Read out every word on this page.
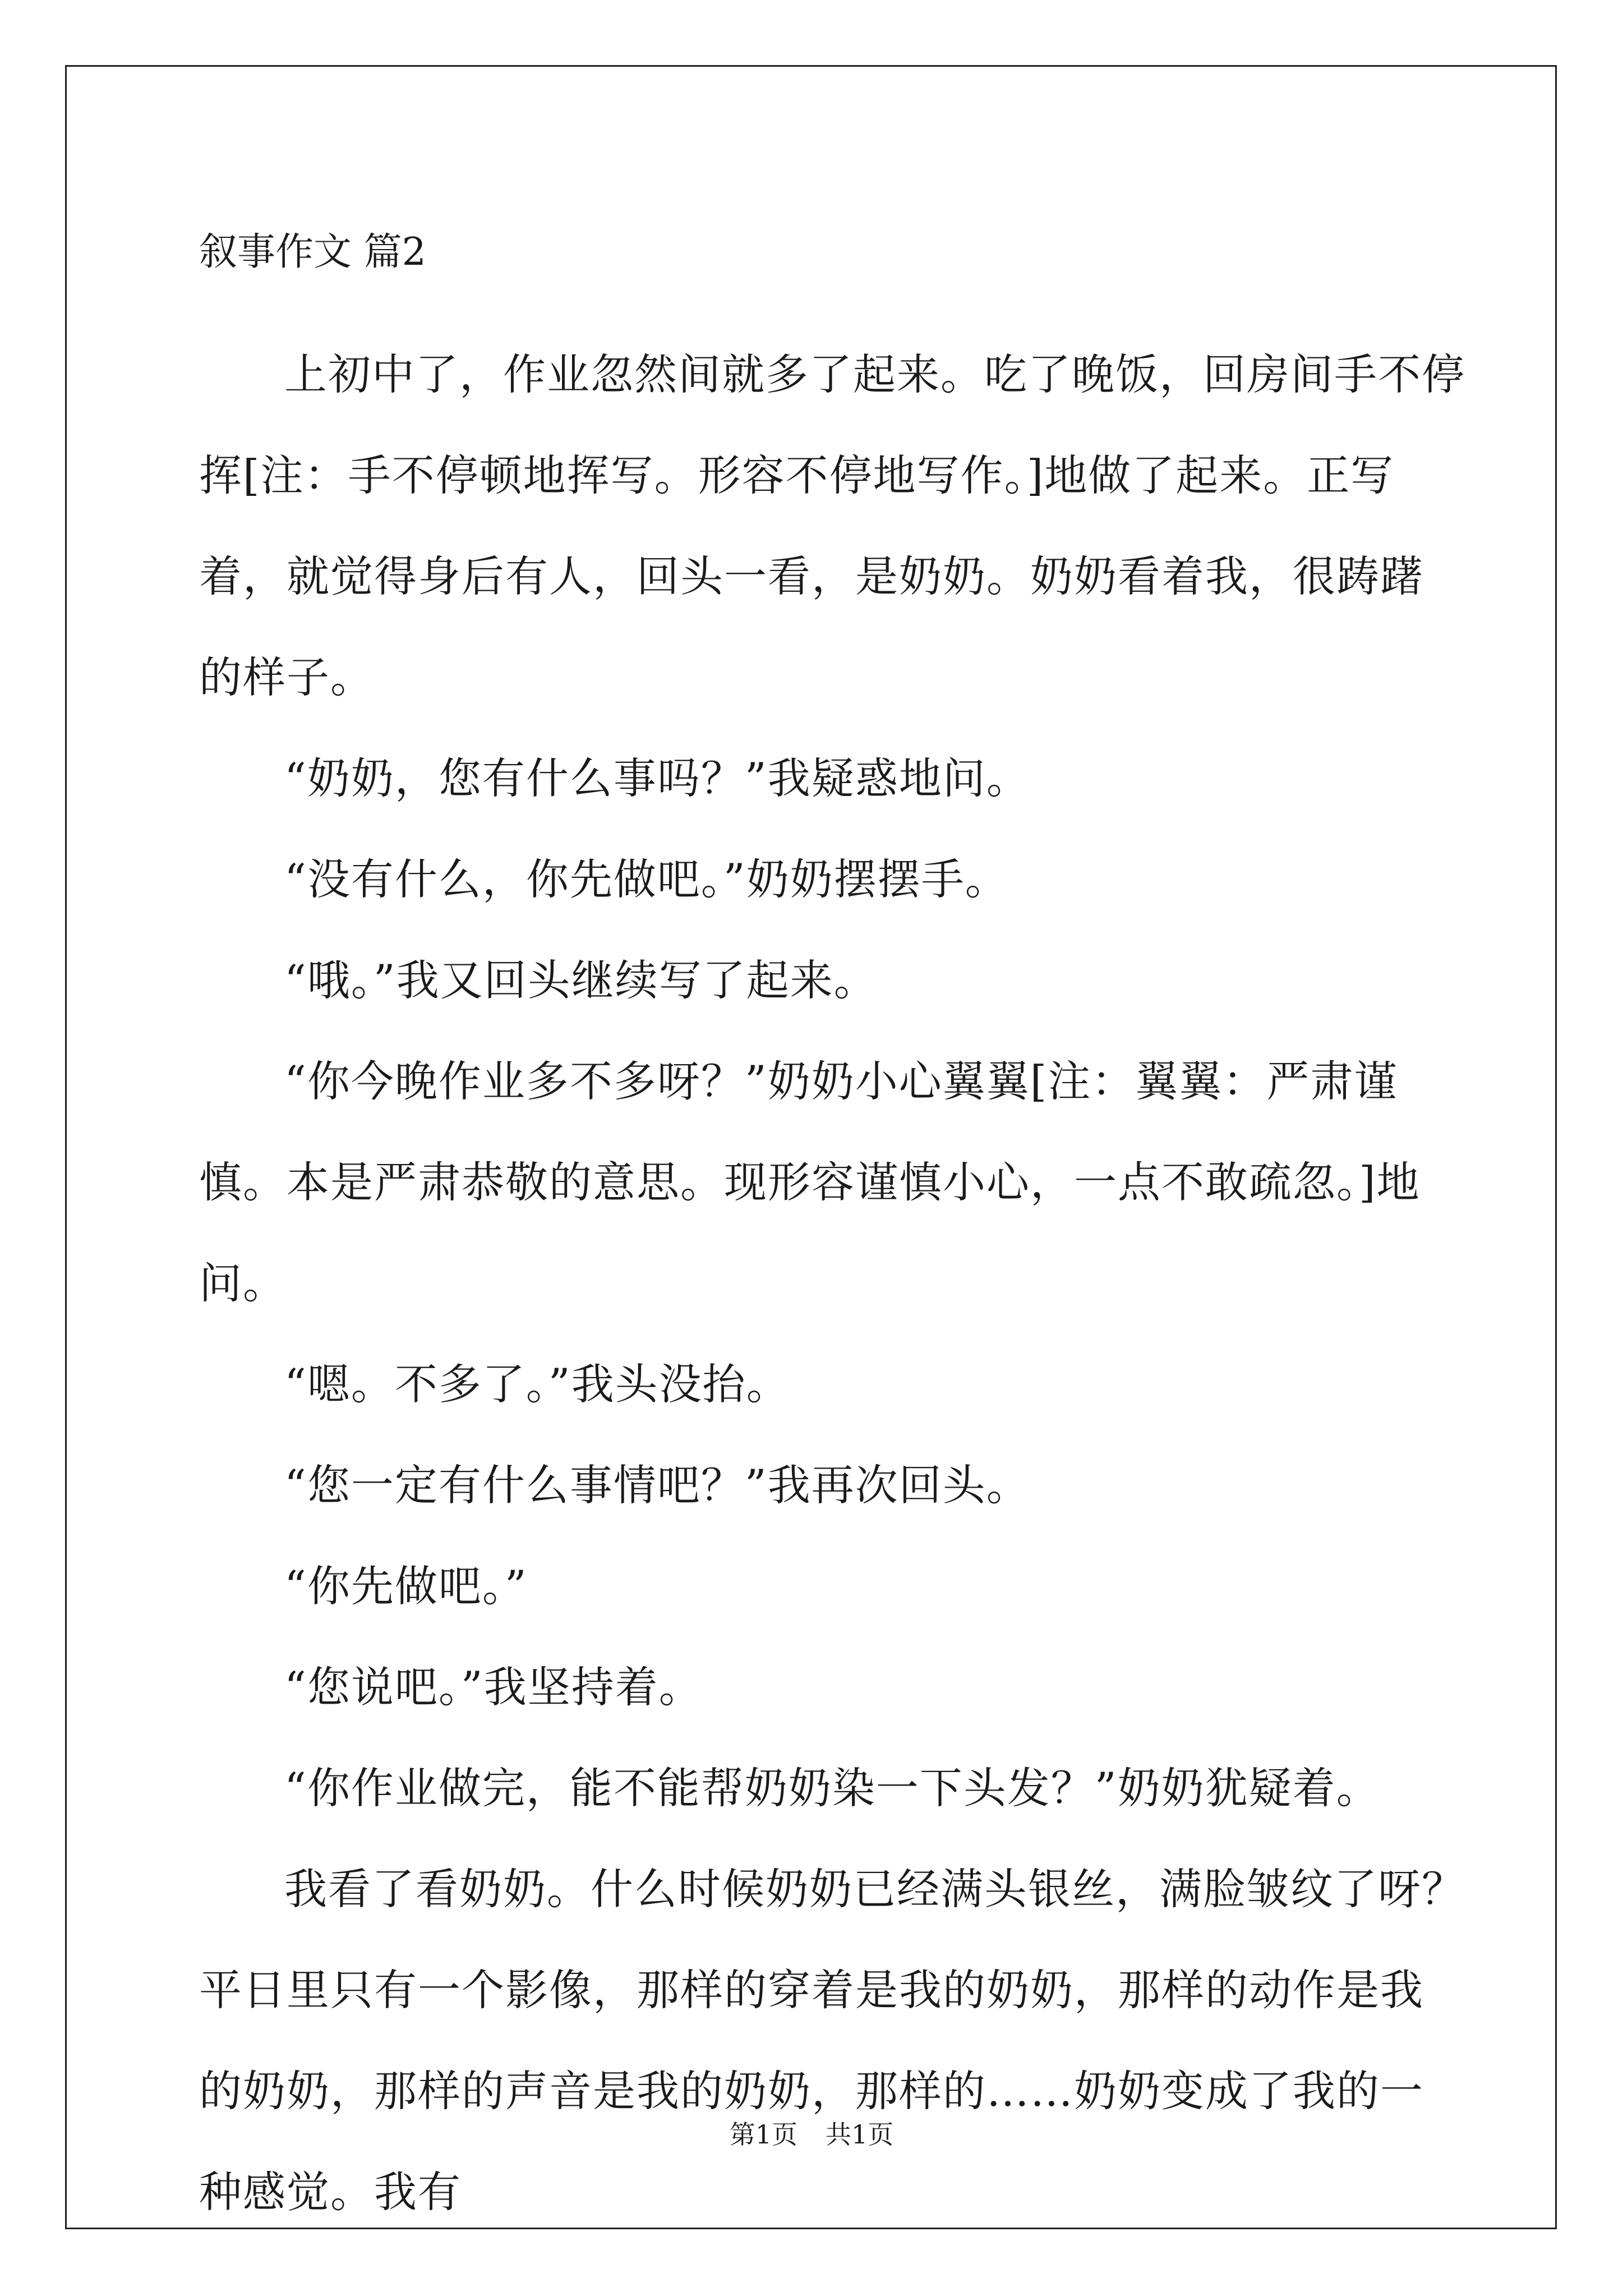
叙事作文 篇2

上初中了，作业忽然间就多了起来。吃了晚饭，回房间手不停挥[注：手不停顿地挥写。形容不停地写作。]地做了起来。正写着，就觉得身后有人，回头一看，是奶奶。奶奶看着我，很踌躇的样子。

“奶奶，您有什么事吗？”我疑惑地问。

“没有什么，你先做吧。”奶奶摆摆手。

“哦。”我又回头继续写了起来。

“你今晚作业多不多呀？”奶奶小心翼翼[注：翼翼：严肃谨慎。本是严肃恭敬的意思。现形容谨慎小心，一点不敢疏忽。]地问。

“嗯。不多了。”我头没抬。

“您一定有什么事情吧？”我再次回头。

“你先做吧。”

“您说吧。”我坚持着。

“你作业做完，能不能帮奶奶染一下头发？”奶奶犹疑着。

我看了看奶奶。什么时候奶奶已经满头银丝，满脸皱纹了呀？平日里只有一个影像，那样的穿着是我的奶奶，那样的动作是我的奶奶，那样的声音是我的奶奶，那样的……奶奶变成了我的一种感觉。我有

第1页 共1页
